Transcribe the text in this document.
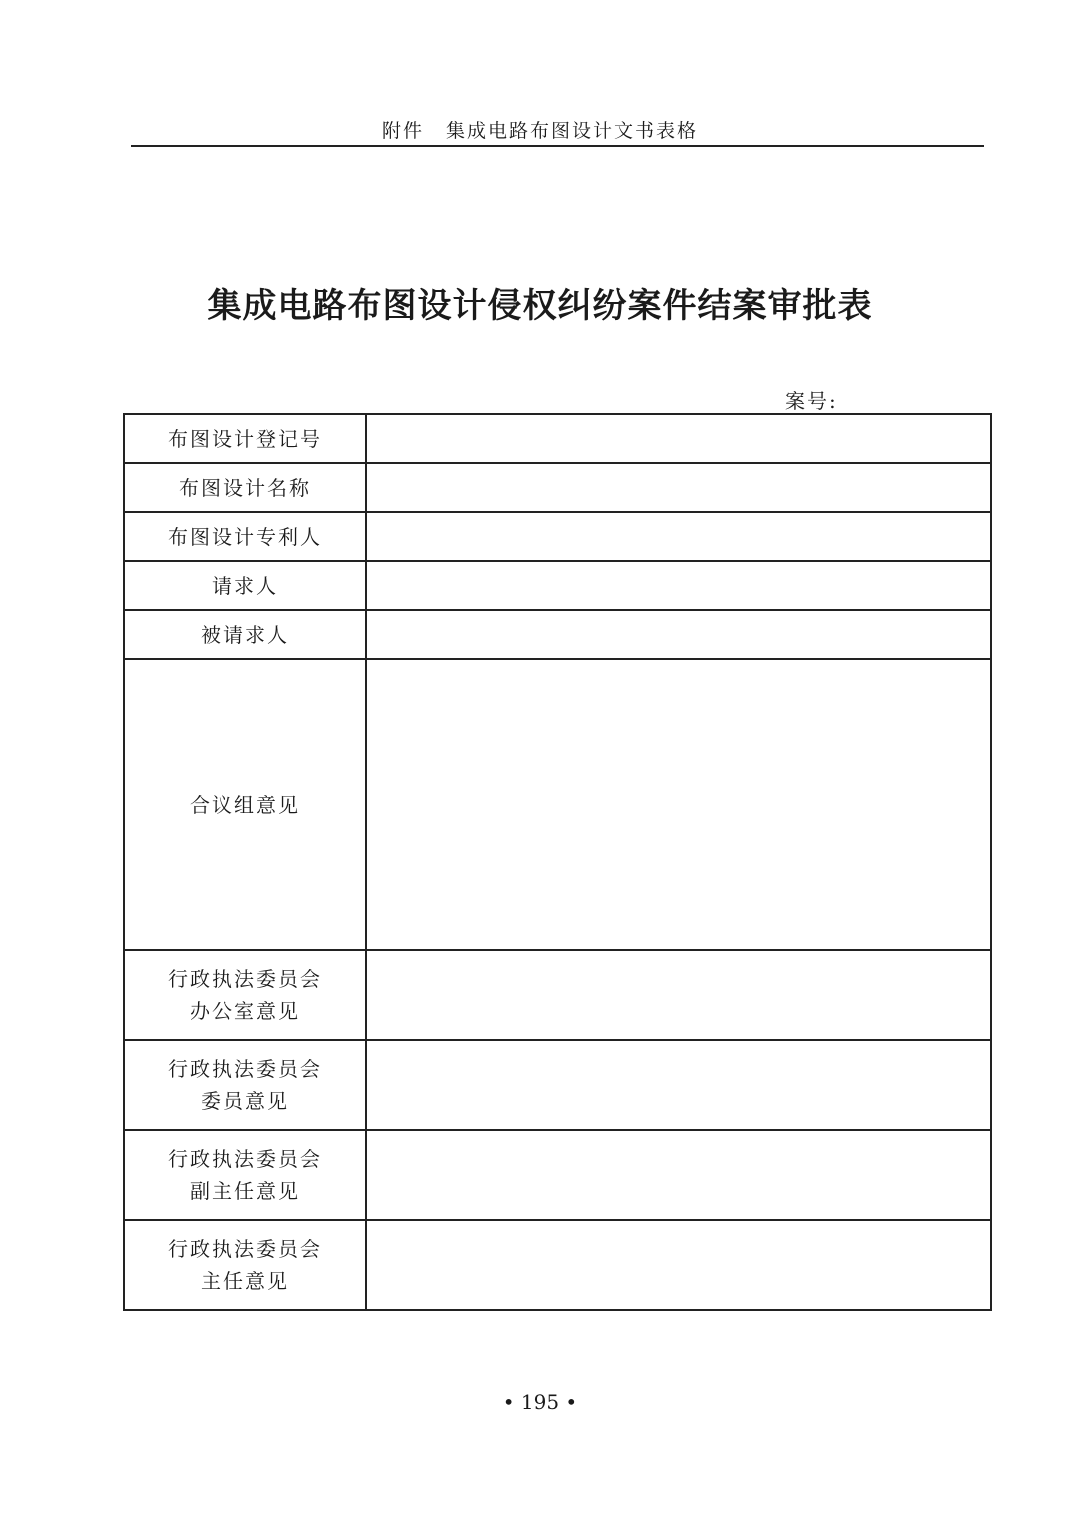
附件 集成电路布图设计文书表格
集成电路布图设计侵权纠纷案件结案审批表
案号:
布图设计登记号	

布图设计名称	

布图设计专利人	

请求人	

被请求人	

合议组意见	

行政执法委员会
办公室意见	

行政执法委员会
委员意见	

行政执法委员会
副主任意见	

行政执法委员会
主任意见	

• 195 •
